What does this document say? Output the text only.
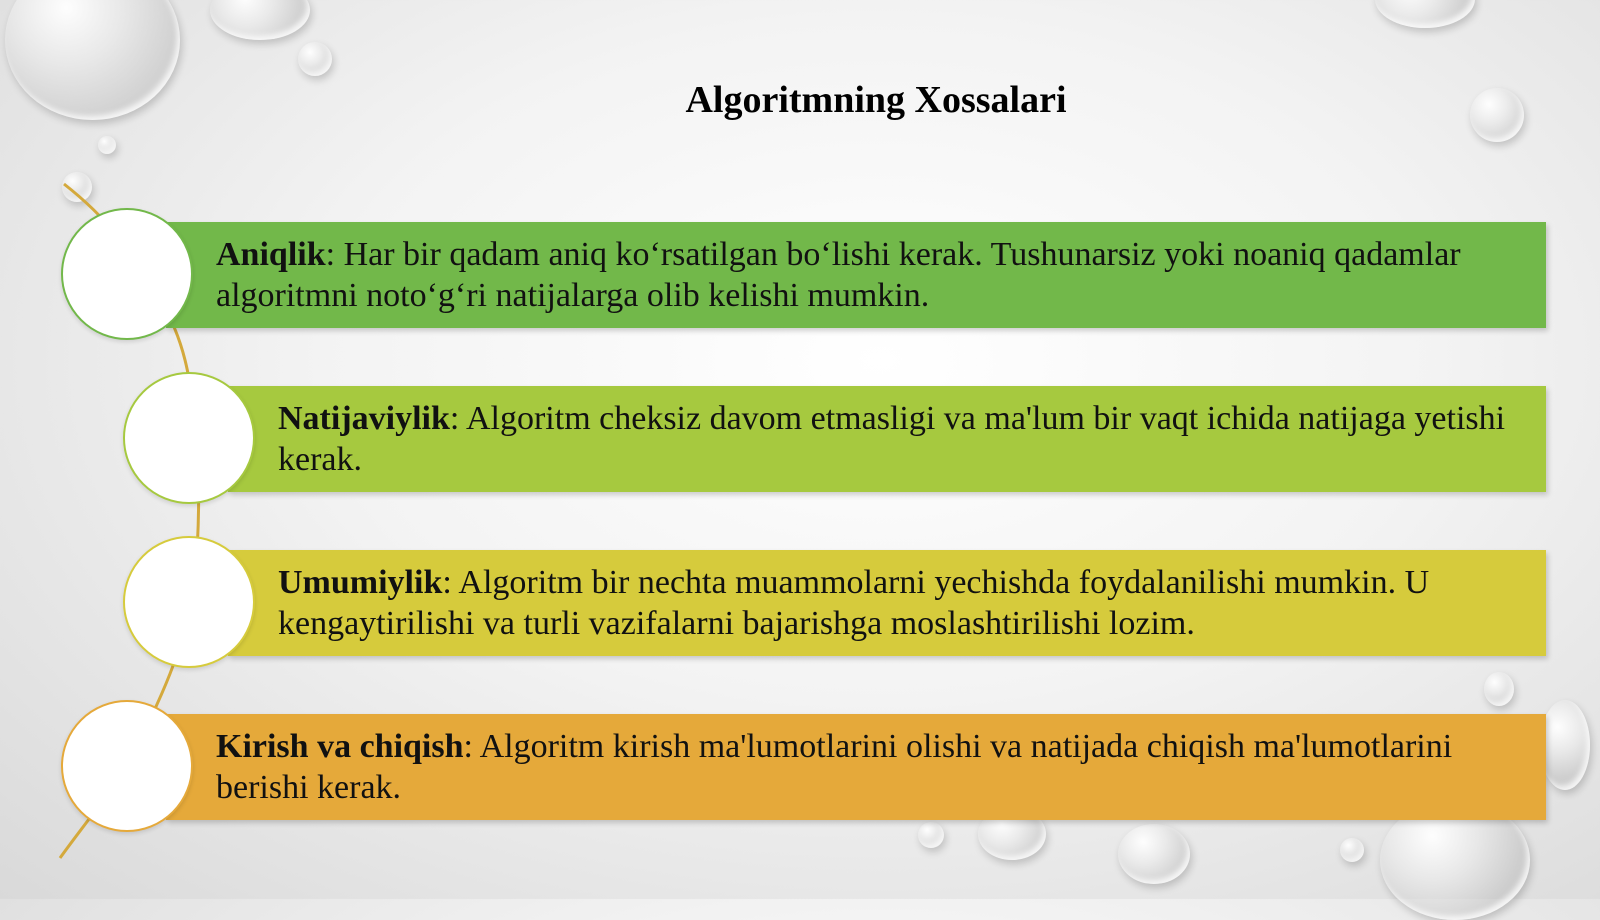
Algoritmning Xossalari
Aniqlik: Har bir qadam aniq ko‘rsatilgan bo‘lishi kerak. Tushunarsiz yoki noaniq qadamlar algoritmni noto‘g‘ri natijalarga olib kelishi mumkin.
Natijaviylik: Algoritm cheksiz davom etmasligi va ma'lum bir vaqt ichida natijaga yetishi kerak.
Umumiylik: Algoritm bir nechta muammolarni yechishda foydalanilishi mumkin. U kengaytirilishi va turli vazifalarni bajarishga moslashtirilishi lozim.
Kirish va chiqish: Algoritm kirish ma'lumotlarini olishi va natijada chiqish ma'lumotlarini berishi kerak.
